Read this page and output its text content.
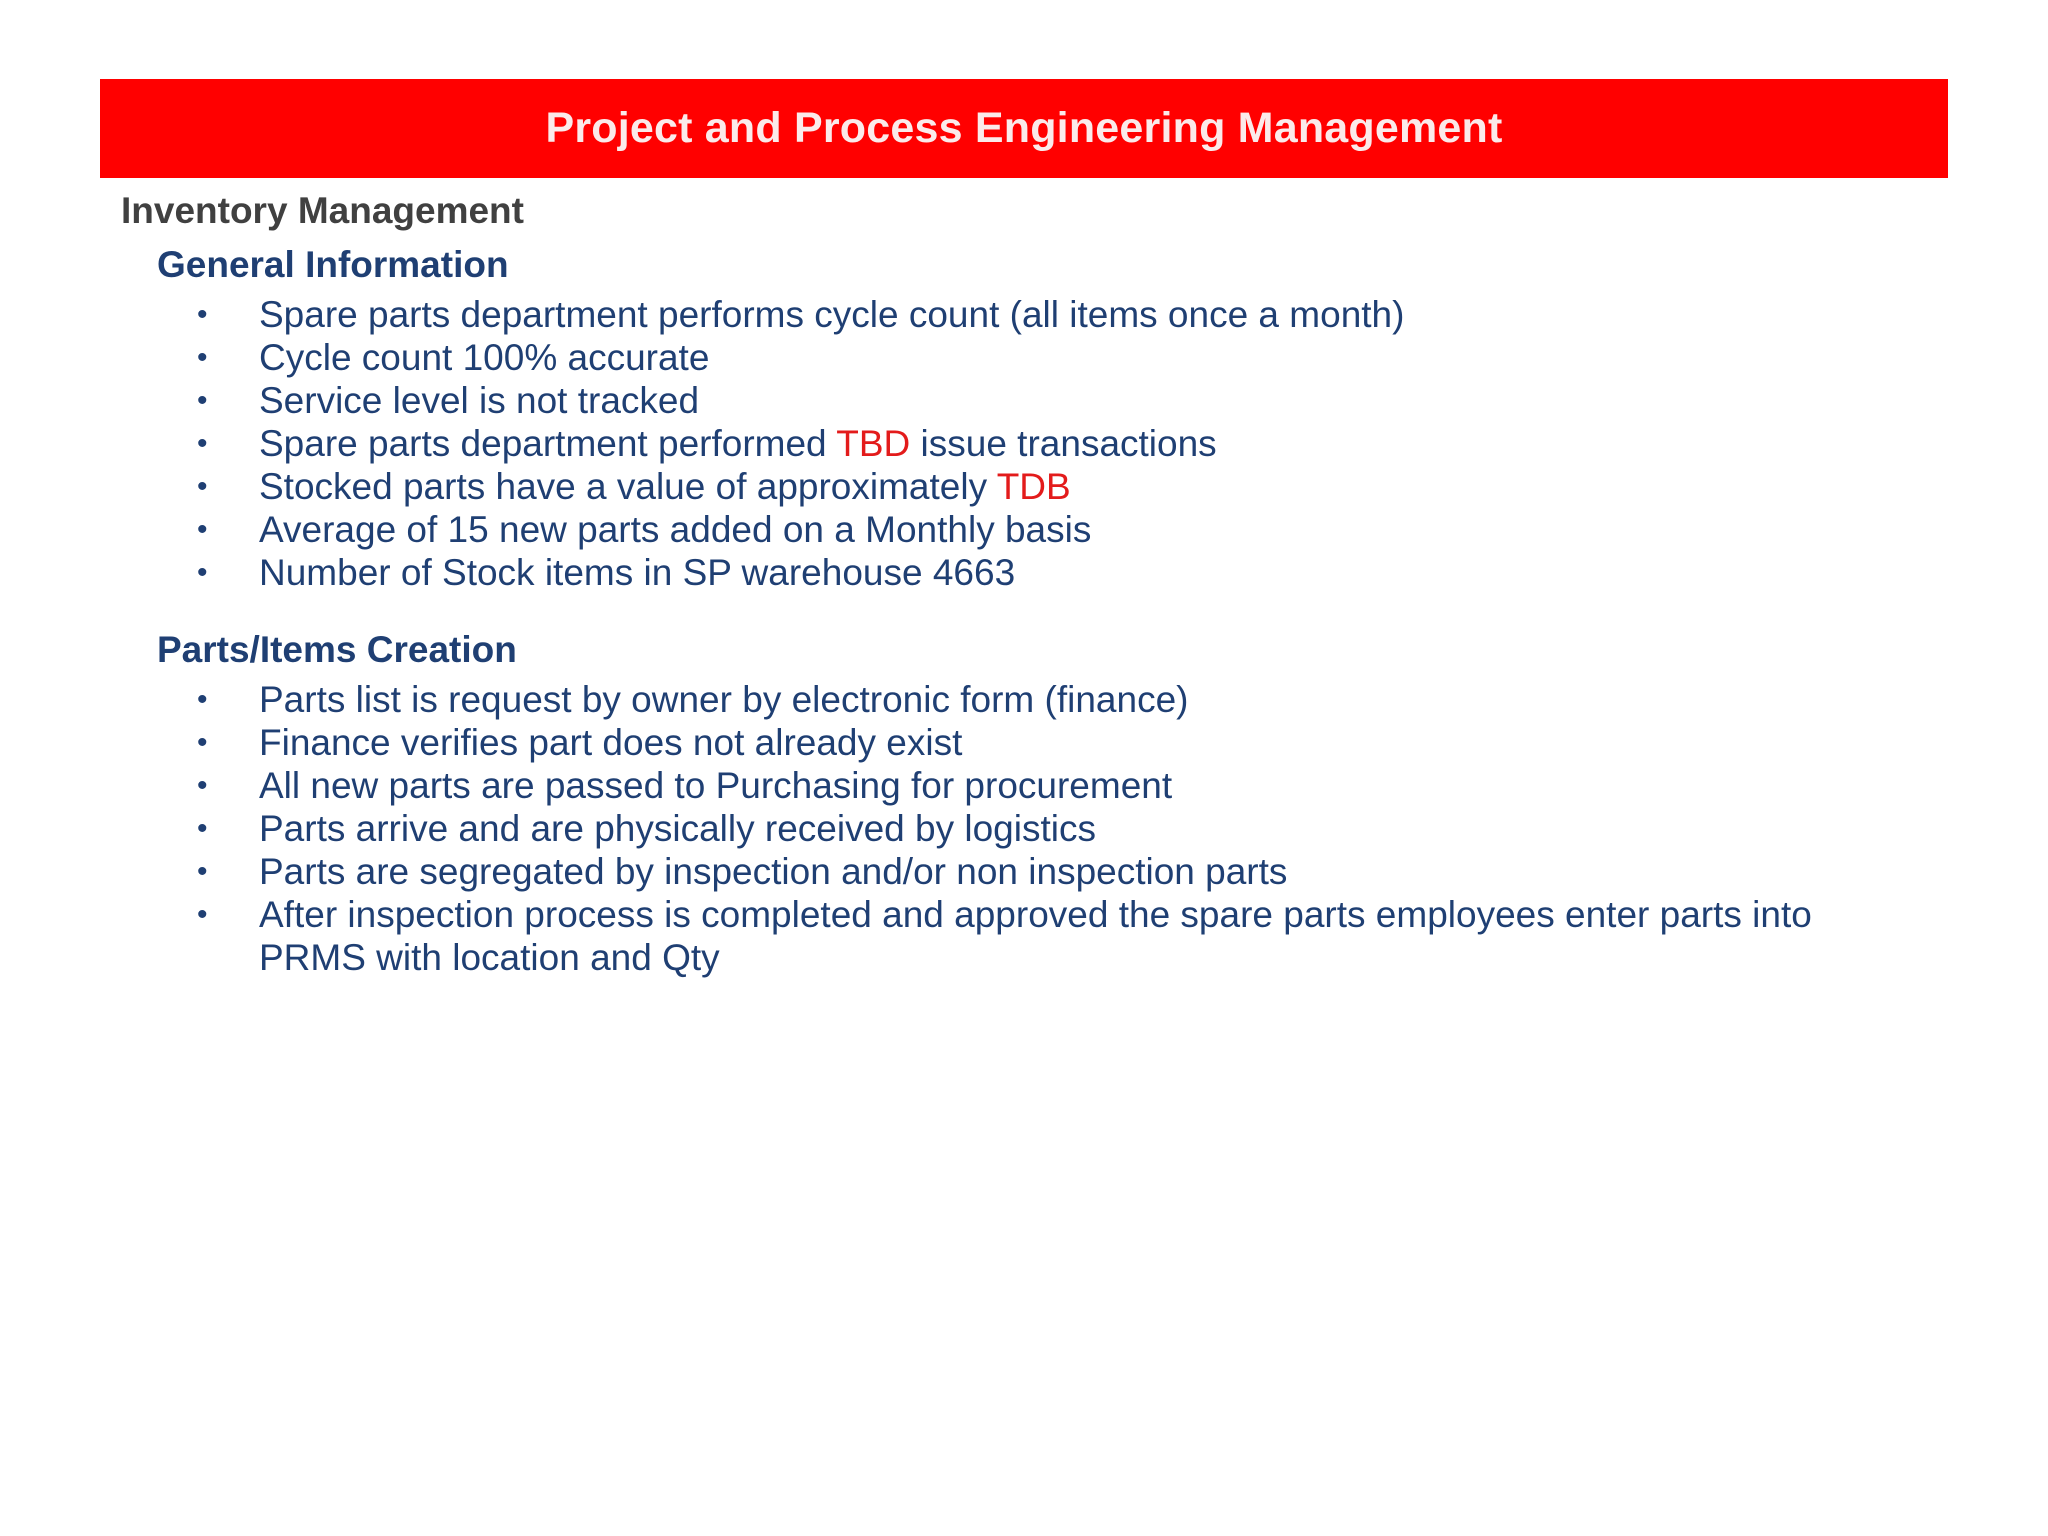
Project and Process Engineering Management
Inventory Management
General Information
• Spare parts department performs cycle count (all items once a month)
• Cycle count 100% accurate
• Service level is not tracked
• Spare parts department performed TBD issue transactions
• Stocked parts have a value of approximately TDB
• Average of 15 new parts added on a Monthly basis
• Number of Stock items in SP warehouse 4663
Parts/Items Creation
• Parts list is request by owner by electronic form (finance)
• Finance verifies part does not already exist
• All new parts are passed to Purchasing for procurement
• Parts arrive and are physically received by logistics
• Parts are segregated by inspection and/or non inspection parts
• After inspection process is completed and approved the spare parts employees enter parts into PRMS with location and Qty
